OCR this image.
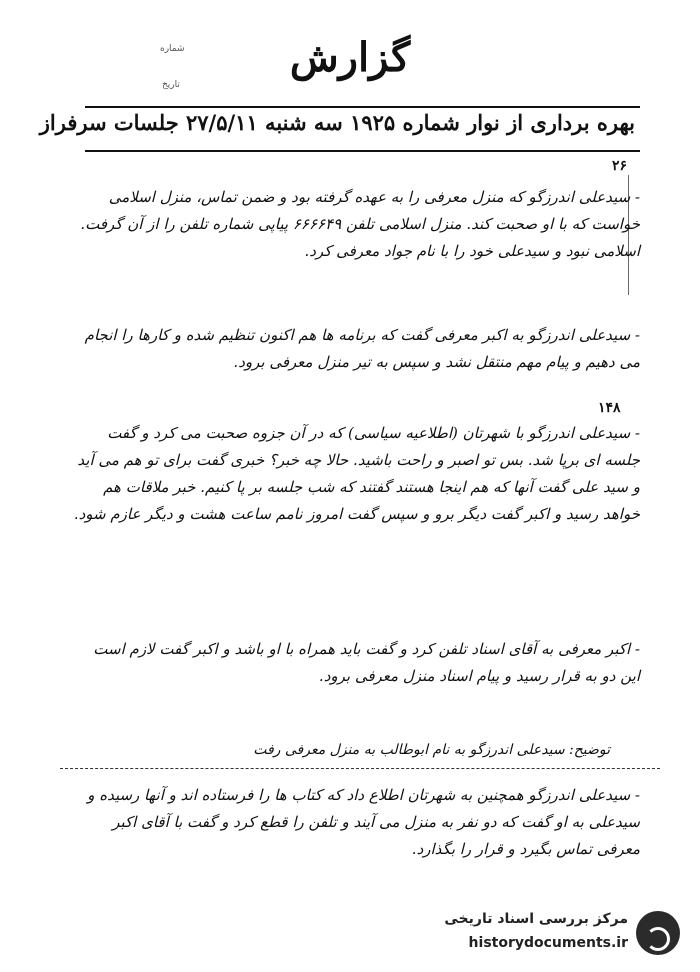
شماره
تاریخ
گزارش
بهره برداری از نوار شماره ۱۹۲۵ سه شنبه ۲۷/۵/۱۱ جلسات سرفراز
۲۶
- سیدعلی اندرزگو که منزل معرفی را به عهده گرفته بود و ضمن تماس، منزل اسلامی خواست که با او صحبت کند. منزل اسلامی تلفن ۶۶۶۶۴۹ پیاپی شماره تلفن را از آن گرفت. اسلامی نبود و سیدعلی خود را با نام جواد معرفی کرد.
- سیدعلی اندرزگو به اکبر معرفی گفت که برنامه ها هم اکنون تنظیم شده و کارها را انجام می دهیم و پیام مهم منتقل نشد و سپس به تیر منزل معرفی برود.
۱۴۸
- سیدعلی اندرزگو با شهرتان (اطلاعیه سیاسی) که در آن جزوه صحبت می کرد و گفت جلسه ای برپا شد. بس تو اصبر و راحت باشید. حالا چه خبر؟ خبری گفت برای تو هم می آید و سید علی گفت آنها که هم اینجا هستند گفتند که شب جلسه بر پا کنیم. خبر ملاقات هم خواهد رسید و اکبر گفت دیگر برو و سپس گفت امروز نامم ساعت هشت و دیگر عازم شود.
- اکبر معرفی به آقای اسناد تلفن کرد و گفت باید همراه با او باشد و اکبر گفت لازم است این دو به قرار رسید و پیام اسناد منزل معرفی برود.
توضیح: سیدعلی اندرزگو به نام ابوطالب به منزل معرفی رفت
- سیدعلی اندرزگو همچنین به شهرتان اطلاع داد که کتاب ها را فرستاده اند و آنها رسیده و سیدعلی به او گفت که دو نفر به منزل می آیند و تلفن را قطع کرد و گفت با آقای اکبر معرفی تماس بگیرد و قرار را بگذارد.
مرکز بررسی اسناد تاریخی
historydocuments.ir
